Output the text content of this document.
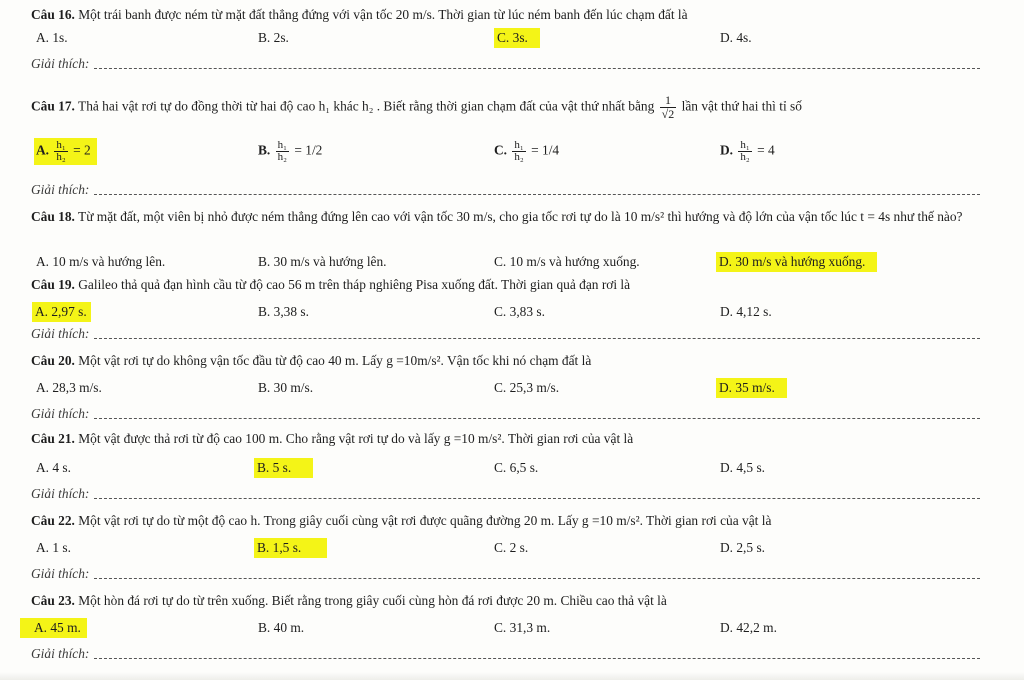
Câu 16. Một trái banh được ném từ mặt đất thẳng đứng với vận tốc 20 m/s. Thời gian từ lúc ném banh đến lúc chạm đất là
A. 1s.	B. 2s.	C. 3s.	D. 4s.
Giải thích:
Câu 17. Thả hai vật rơi tự do đồng thời từ hai độ cao h₁ khác h₂ . Biết rằng thời gian chạm đất của vật thứ nhất bằng $\frac{1}{√2}$ lần vật thứ hai thì tỉ số
A. $\frac{\text{h₁}}{\text{h₂}} = 2$	B. $\frac{\text{h₁}}{\text{h₂}} = 1/2$	C. $\frac{\text{h₁}}{\text{h₂}} = 1/4$	D. $\frac{\text{h₁}}{\text{h₂}} = 4$
Giải thích:
Câu 18. Từ mặt đất, một viên bị nhỏ được ném thẳng đứng lên cao với vận tốc 30 m/s, cho gia tốc rơi tự do là 10 m/s² thì hướng và độ lớn của vận tốc lúc t = 4s như thế nào?
A. 10 m/s và hướng lên.	B. 30 m/s và hướng lên.	C. 10 m/s và hướng xuống.	D. 30 m/s và hướng xuống.
Câu 19. Galileo thả quả đạn hình cầu từ độ cao 56 m trên tháp nghiêng Pisa xuống đất. Thời gian quả đạn rơi là
A. 2,97 s.	B. 3,38 s.	C. 3,83 s.	D. 4,12 s.
Giải thích:
Câu 20. Một vật rơi tự do không vận tốc đầu từ độ cao 40 m. Lấy g =10m/s². Vận tốc khi nó chạm đất là
A. 28,3 m/s.	B. 30 m/s.	C. 25,3 m/s.	D. 35 m/s.
Giải thích:
Câu 21. Một vật được thả rơi từ độ cao 100 m. Cho rằng vật rơi tự do và lấy g =10 m/s². Thời gian rơi của vật là
A. 4 s.	B. 5 s.	C. 6,5 s.	D. 4,5 s.
Giải thích:
Câu 22. Một vật rơi tự do từ một độ cao h. Trong giây cuối cùng vật rơi được quãng đường 20 m. Lấy g =10 m/s². Thời gian rơi của vật là
A. 1 s.	B. 1,5 s.	C. 2 s.	D. 2,5 s.
Giải thích:
Câu 23. Một hòn đá rơi tự do từ trên xuống. Biết rằng trong giây cuối cùng hòn đá rơi được 20 m. Chiều cao thả vật là
A. 45 m.	B. 40 m.	C. 31,3 m.	D. 42,2 m.
Giải thích:
